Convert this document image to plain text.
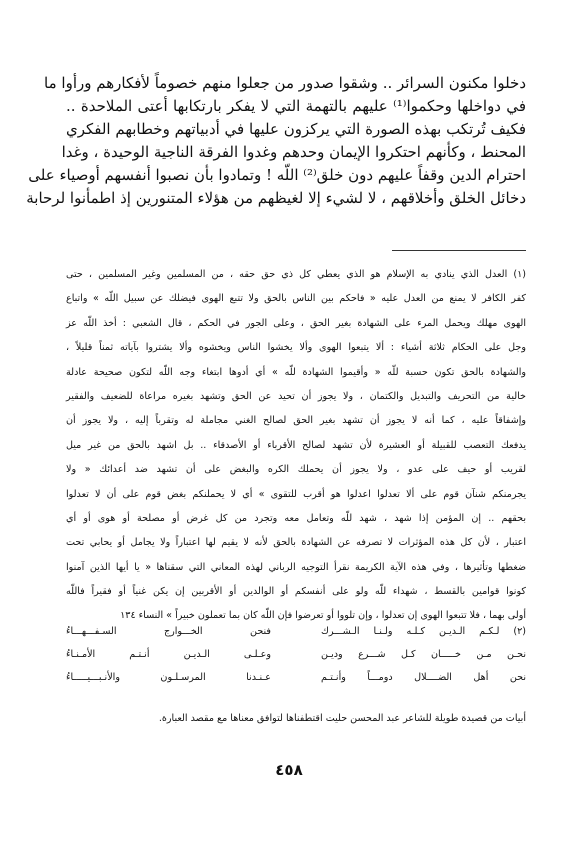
دخلوا مكنون السرائر .. وشقوا صدور من جعلوا منهم خصوماً لأفكارهم ورأوا ما
في دواخلها وحكموا⁽¹⁾ عليهم بالتهمة التي لا يفكر بارتكابها أعتى الملاحدة ..
فكيف تُرتكب بهذه الصورة التي يركزون عليها في أدبياتهم وخطابهم الفكري
المحنط ، وكأنهم احتكروا الإيمان وحدهم وغدوا الفرقة الناجية الوحيدة ، وغدا
احترام الدين وقفاً عليهم دون خلق⁽²⁾ اللّه ! وتمادوا بأن نصبوا أنفسهم أوصياء على
دخائل الخلق وأخلاقهم ، لا لشيء إلا لغيظهم من هؤلاء المتنورين إذ اطمأنوا لرحابة
(١) العدل الذي ينادي به الإسلام هو الذي يعطي كل ذي حق حقه ، من المسلمين وغير المسلمين ، حتى
كفر الكافر لا يمنع من العدل عليه « فاحكم بين الناس بالحق ولا تتبع الهوى فيضلك عن سبيل اللّه » واتباع
الهوى مهلك ويحمل المرء على الشهادة بغير الحق ، وعلى الجور في الحكم ، قال الشعبي : أخذ اللّه عز
وجل على الحكام ثلاثة أشياء : ألا يتبعوا الهوى وألا يخشوا الناس ويخشوه وألا يشتروا بآياته ثمناً قليلاً ،
والشهادة بالحق تكون حسبة للّه « وأقيموا الشهادة للّه » أي أدوها ابتغاء وجه اللّه لتكون صحيحة عادلة
خالية من التحريف والتبديل والكتمان ، ولا يجوز أن تحيد عن الحق وتشهد بغيره مراعاة للضعيف والفقير
وإشفاقاً عليه ، كما أنه لا يجوز أن تشهد بغير الحق لصالح الغني مجاملة له وتقرباً إليه ، ولا يجوز أن
يدفعك التعصب للقبيلة أو العشيرة لأن تشهد لصالح الأقرباء أو الأصدقاء .. بل اشهد بالحق من غير ميل
لقريب أو حيف على عدو ، ولا يجوز أن يحملك الكره والبغض على أن تشهد ضد أعدائك « ولا
يجرمنكم شنآن قوم على ألا تعدلوا اعدلوا هو أقرب للتقوى » أي لا يحملنكم بغض قوم على أن لا تعدلوا
بحقهم .. إن المؤمن إذا شهد ، شهد للّه وتعامل معه وتجرد من كل غرض أو مصلحة أو هوى أو أي
اعتبار ، لأن كل هذه المؤثرات لا تصرفه عن الشهادة بالحق لأنه لا يقيم لها اعتباراً ولا يجامل أو يحابي تحت
ضغطها وتأثيرها ، وفي هذه الآية الكريمة نقرأ التوجيه الرباني لهذه المعاني التي سقناها « يا أيها الذين آمنوا
كونوا قوامين بالقسط ، شهداء للّه ولو على أنفسكم أو الوالدين أو الأقربين إن يكن غنياً أو فقيراً فاللّه
أولى بهما ، فلا تتبعوا الهوى إن تعدلوا ، وإن تلووا أو تعرضوا فإن اللّه كان بما تعملون خبيراً » النساء ١٣٤
(٢) لـكـم الـديـن كـلـه ولـنـا الـشـــرك
فنحن الخـــوارج السـفـــهـــاءُ
نحـن مـن خـــــان كـل شـــرع وديـن
وعـلـى الـديـن أنـتـم الأمـنـاءُ
نحن أهل الضــــلال دومـــاً وأنـتـم
عـنـدنا المرسـلـون والأنـبـــيـــــاءُ
أبيات من قصيدة طويلة للشاعر عبد المحسن حليت اقتطفناها لتوافق معناها مع مقصد العبارة.
٤٥٨
